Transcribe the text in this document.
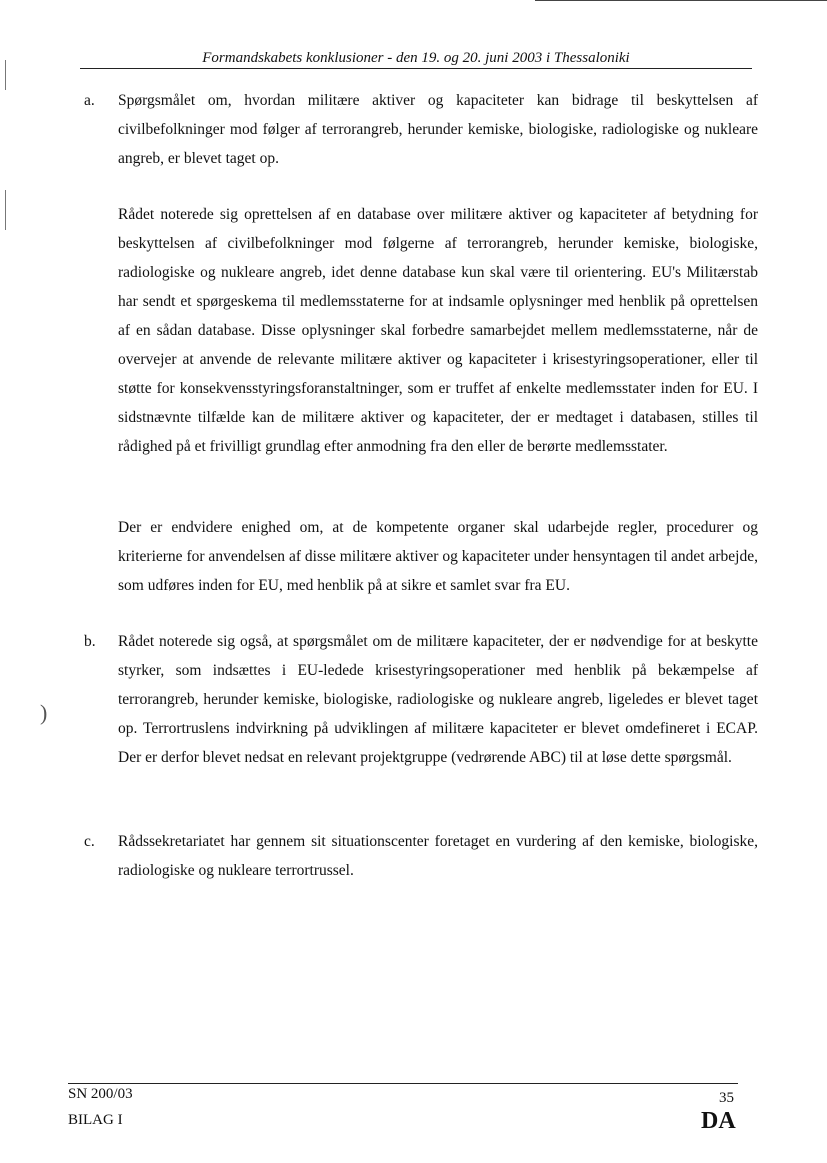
)
Formandskabets konklusioner - den 19. og 20. juni 2003 i Thessaloniki
a. Spørgsmålet om, hvordan militære aktiver og kapaciteter kan bidrage til beskyttelsen af civilbefolkninger mod følger af terrorangreb, herunder kemiske, biologiske, radiologiske og nukleare angreb, er blevet taget op.
Rådet noterede sig oprettelsen af en database over militære aktiver og kapaciteter af betydning for beskyttelsen af civilbefolkninger mod følgerne af terrorangreb, herunder kemiske, biologiske, radiologiske og nukleare angreb, idet denne database kun skal være til orientering. EU's Militærstab har sendt et spørgeskema til medlemsstaterne for at indsamle oplysninger med henblik på oprettelsen af en sådan database. Disse oplysninger skal forbedre samarbejdet mellem medlemsstaterne, når de overvejer at anvende de relevante militære aktiver og kapaciteter i krisestyringsoperationer, eller til støtte for konsekvensstyringsforanstaltninger, som er truffet af enkelte medlemsstater inden for EU. I sidstnævnte tilfælde kan de militære aktiver og kapaciteter, der er medtaget i databasen, stilles til rådighed på et frivilligt grundlag efter anmodning fra den eller de berørte medlemsstater.
Der er endvidere enighed om, at de kompetente organer skal udarbejde regler, procedurer og kriterierne for anvendelsen af disse militære aktiver og kapaciteter under hensyntagen til andet arbejde, som udføres inden for EU, med henblik på at sikre et samlet svar fra EU.
b. Rådet noterede sig også, at spørgsmålet om de militære kapaciteter, der er nødvendige for at beskytte styrker, som indsættes i EU-ledede krisestyringsoperationer med henblik på bekæmpelse af terrorangreb, herunder kemiske, biologiske, radiologiske og nukleare angreb, ligeledes er blevet taget op. Terrortruslens indvirkning på udviklingen af militære kapaciteter er blevet omdefineret i ECAP. Der er derfor blevet nedsat en relevant projektgruppe (vedrørende ABC) til at løse dette spørgsmål.
c. Rådssekretariatet har gennem sit situationscenter foretaget en vurdering af den kemiske, biologiske, radiologiske og nukleare terrortrussel.
SN 200/03
BILAG I
35
DA
